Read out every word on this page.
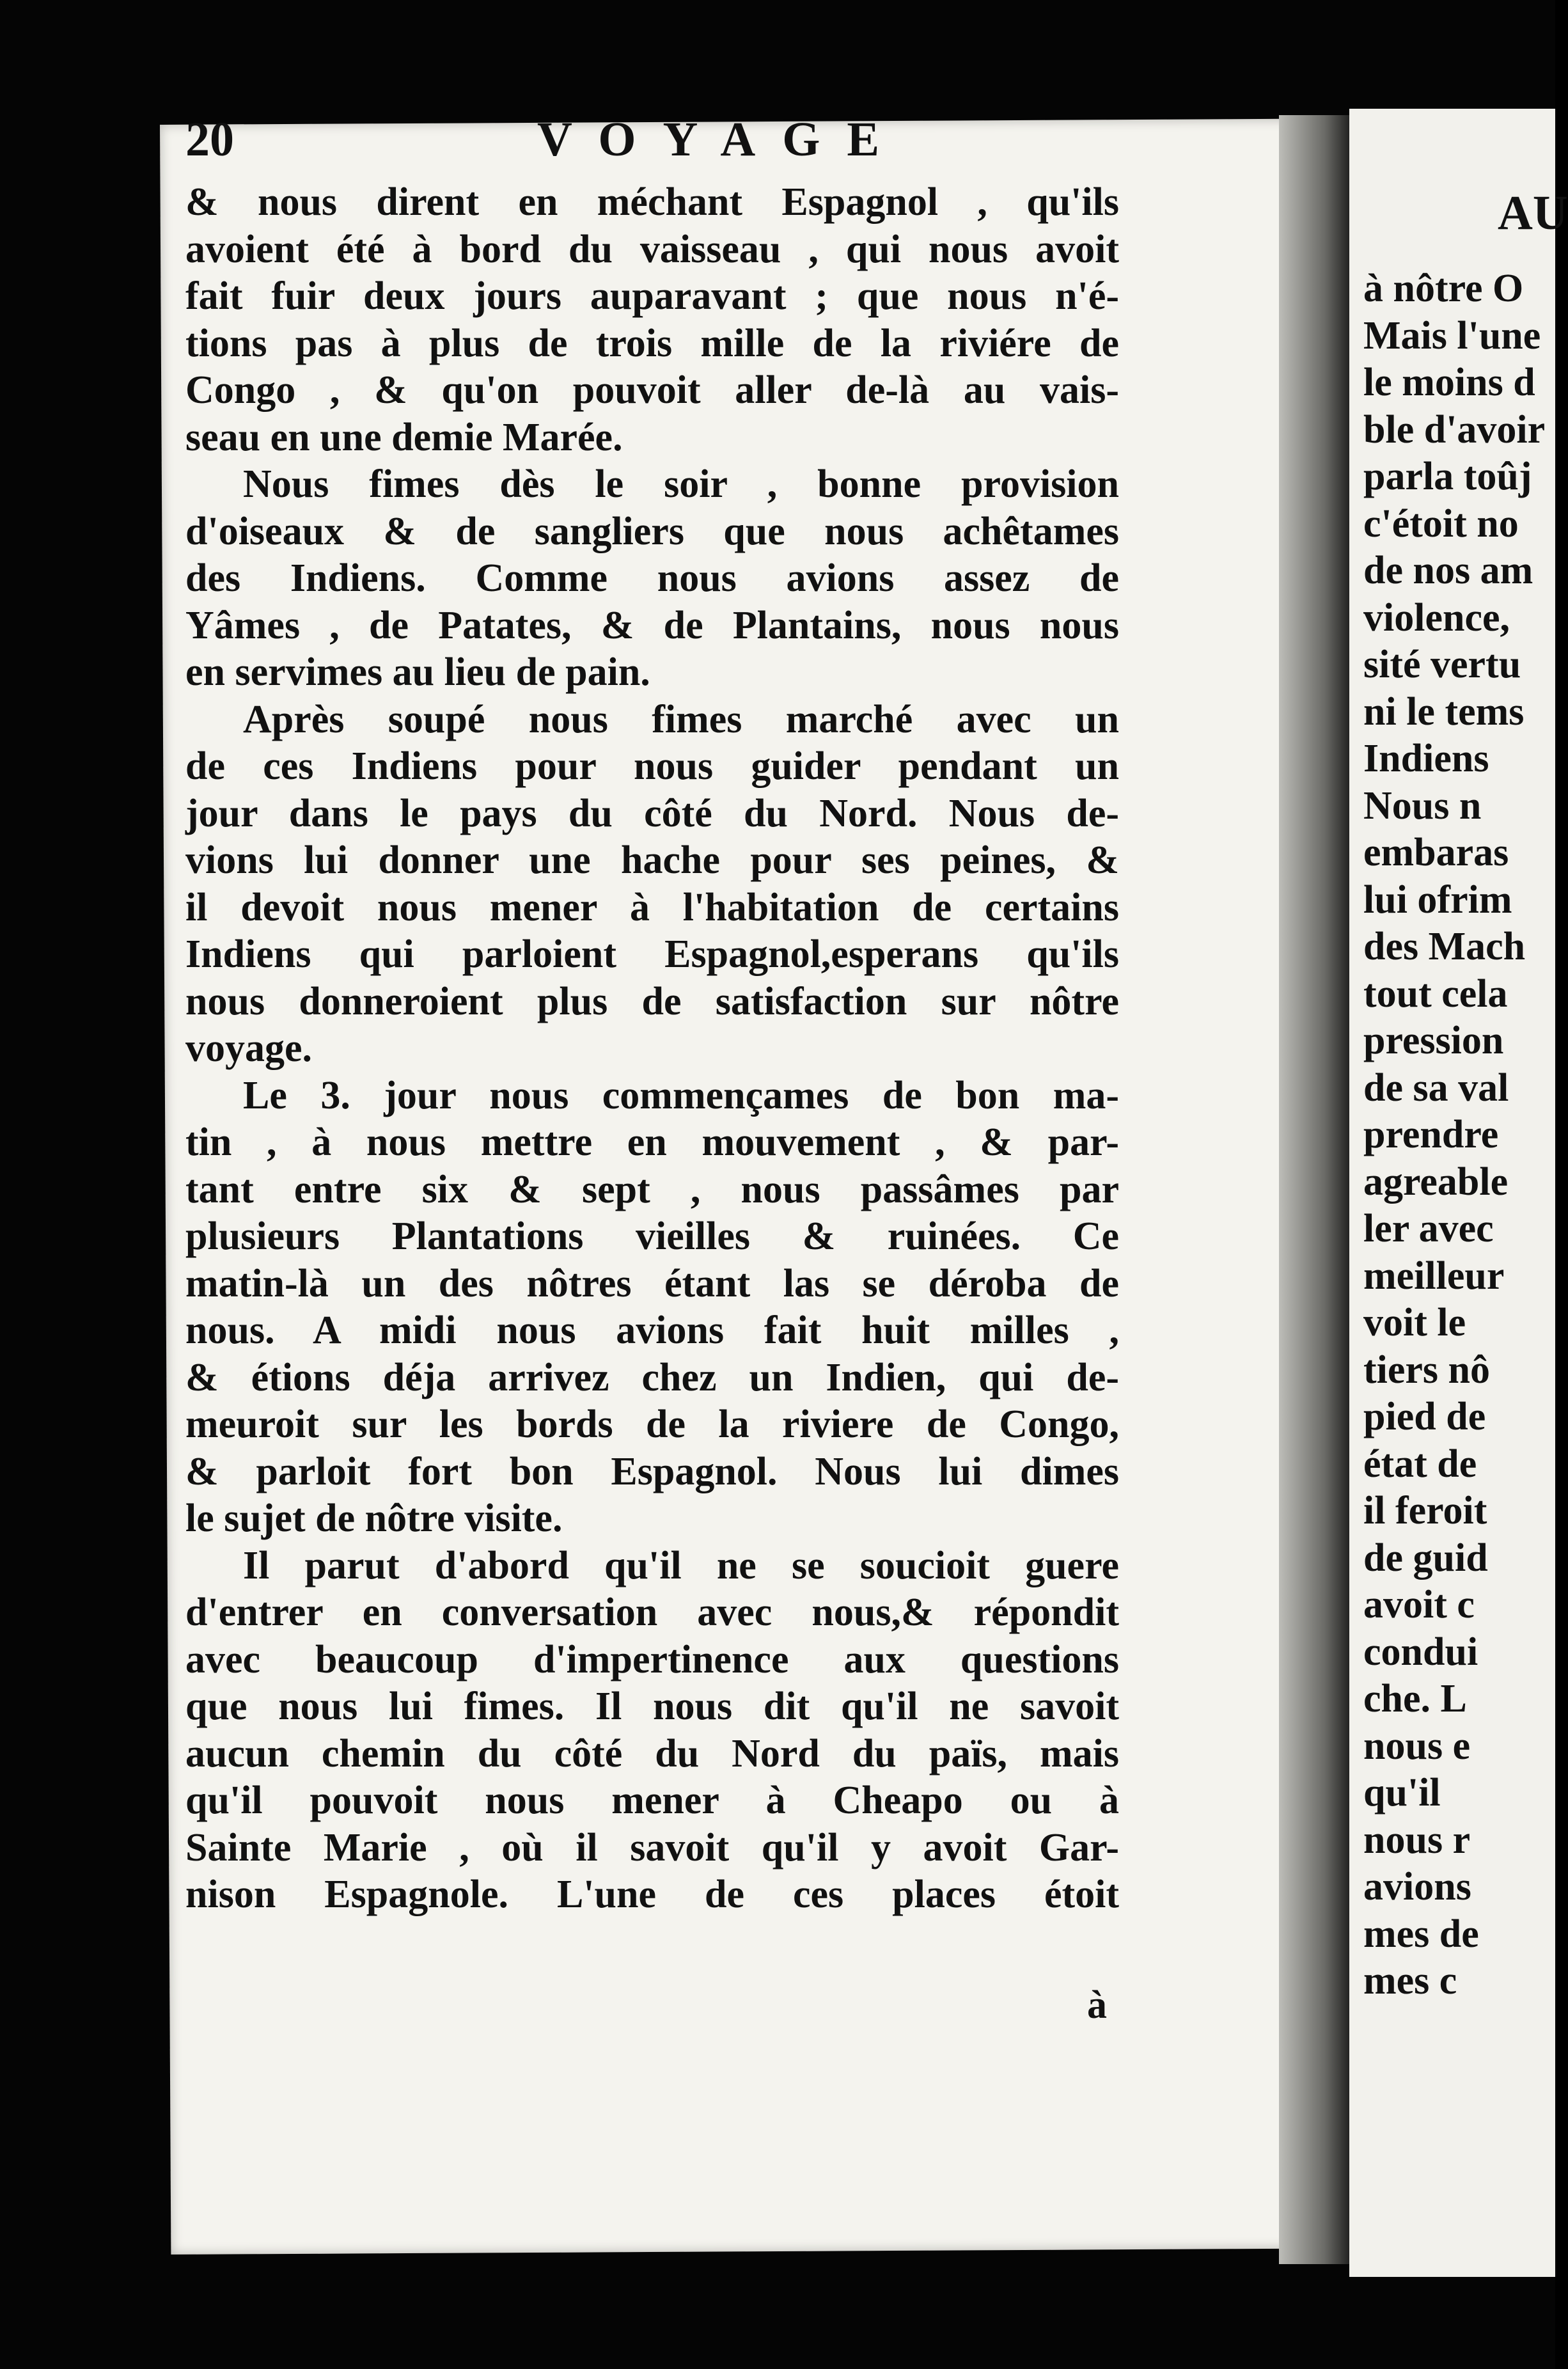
20	VOYAGE
& nous dirent en méchant Espagnol , qu'ils
avoient été à bord du vaisseau , qui nous avoit
fait fuir deux jours auparavant ; que nous n'é-
tions pas à plus de trois mille de la riviére de
Congo , & qu'on pouvoit aller de-là au vais-
seau en une demie Marée.
Nous fimes dès le soir , bonne provision
d'oiseaux & de sangliers que nous achêtames
des Indiens. Comme nous avions assez de
Yâmes , de Patates, & de Plantains, nous nous
en servimes au lieu de pain.
Après soupé nous fimes marché avec un
de ces Indiens pour nous guider pendant un
jour dans le pays du côté du Nord. Nous de-
vions lui donner une hache pour ses peines, &
il devoit nous mener à l'habitation de certains
Indiens qui parloient Espagnol,esperans qu'ils
nous donneroient plus de satisfaction sur nôtre
voyage.
Le 3. jour nous commençames de bon ma-
tin , à nous mettre en mouvement , & par-
tant entre six & sept , nous passâmes par
plusieurs Plantations vieilles & ruinées. Ce
matin-là un des nôtres étant las se déroba de
nous. A midi nous avions fait huit milles ,
& étions déja arrivez chez un Indien, qui de-
meuroit sur les bords de la riviere de Congo,
& parloit fort bon Espagnol. Nous lui dimes
le sujet de nôtre visite.
Il parut d'abord qu'il ne se soucioit guere
d'entrer en conversation avec nous,& répondit
avec beaucoup d'impertinence aux questions
que nous lui fimes. Il nous dit qu'il ne savoit
aucun chemin du côté du Nord du païs, mais
qu'il pouvoit nous mener à Cheapo ou à
Sainte Marie , où il savoit qu'il y avoit Gar-
nison Espagnole. L'une de ces places étoit
à
AU
à nôtre O
Mais l'une
le moins d
ble d'avoir
parla toûj
c'étoit no
de nos am
violence,
sité vertu
ni le tems
Indiens
Nous n
embaras
lui ofrim
des Mach
tout cela
pression
de sa val
prendre
agreable
ler avec
meilleur
voit le
tiers nô
pied de
état de
il feroit
de guid
avoit c
condui
che. L
nous e
qu'il
nous r
avions
mes de
mes c
